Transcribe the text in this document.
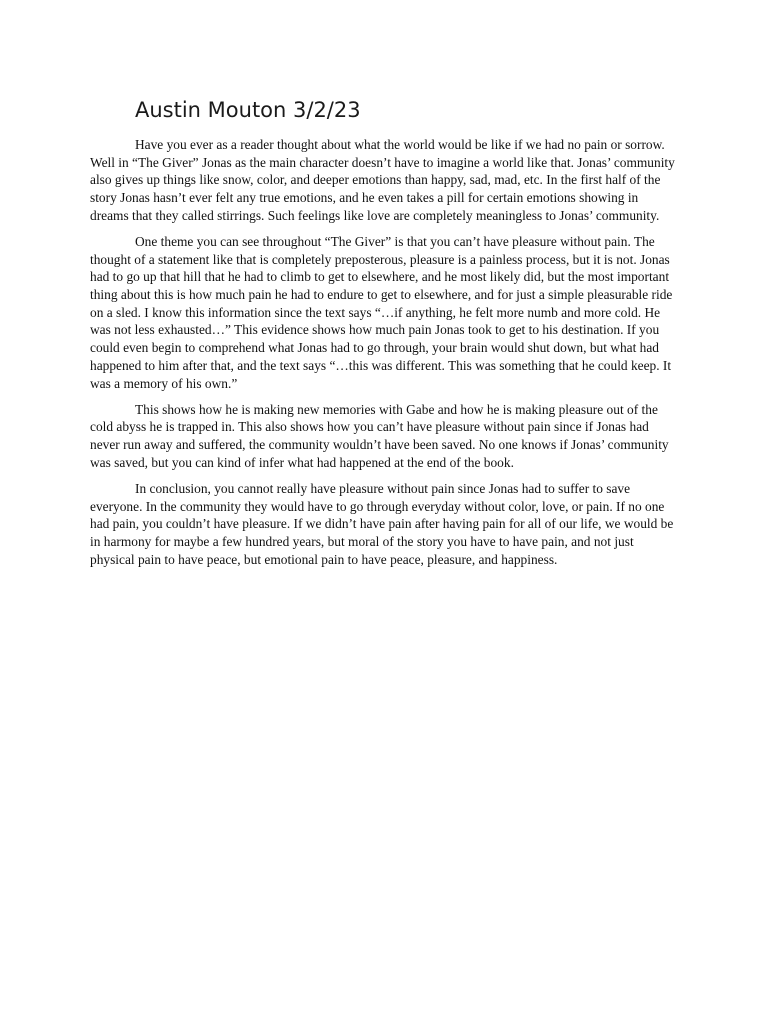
Austin Mouton 3/2/23

Have you ever as a reader thought about what the world would be like if we had no pain or sorrow. Well in “The Giver” Jonas as the main character doesn’t have to imagine a world like that. Jonas’ community also gives up things like snow, color, and deeper emotions than happy, sad, mad, etc. In the first half of the story Jonas hasn’t ever felt any true emotions, and he even takes a pill for certain emotions showing in dreams that they called stirrings. Such feelings like love are completely meaningless to Jonas’ community.

One theme you can see throughout “The Giver” is that you can’t have pleasure without pain. The thought of a statement like that is completely preposterous, pleasure is a painless process, but it is not. Jonas had to go up that hill that he had to climb to get to elsewhere, and he most likely did, but the most important thing about this is how much pain he had to endure to get to elsewhere, and for just a simple pleasurable ride on a sled. I know this information since the text says “…if anything, he felt more numb and more cold. He was not less exhausted…” This evidence shows how much pain Jonas took to get to his destination. If you could even begin to comprehend what Jonas had to go through, your brain would shut down, but what had happened to him after that, and the text says “…this was different. This was something that he could keep. It was a memory of his own.”

This shows how he is making new memories with Gabe and how he is making pleasure out of the cold abyss he is trapped in. This also shows how you can’t have pleasure without pain since if Jonas had never run away and suffered, the community wouldn’t have been saved. No one knows if Jonas’ community was saved, but you can kind of infer what had happened at the end of the book.

In conclusion, you cannot really have pleasure without pain since Jonas had to suffer to save everyone. In the community they would have to go through everyday without color, love, or pain. If no one had pain, you couldn’t have pleasure. If we didn’t have pain after having pain for all of our life, we would be in harmony for maybe a few hundred years, but moral of the story you have to have pain, and not just physical pain to have peace, but emotional pain to have peace, pleasure, and happiness.
